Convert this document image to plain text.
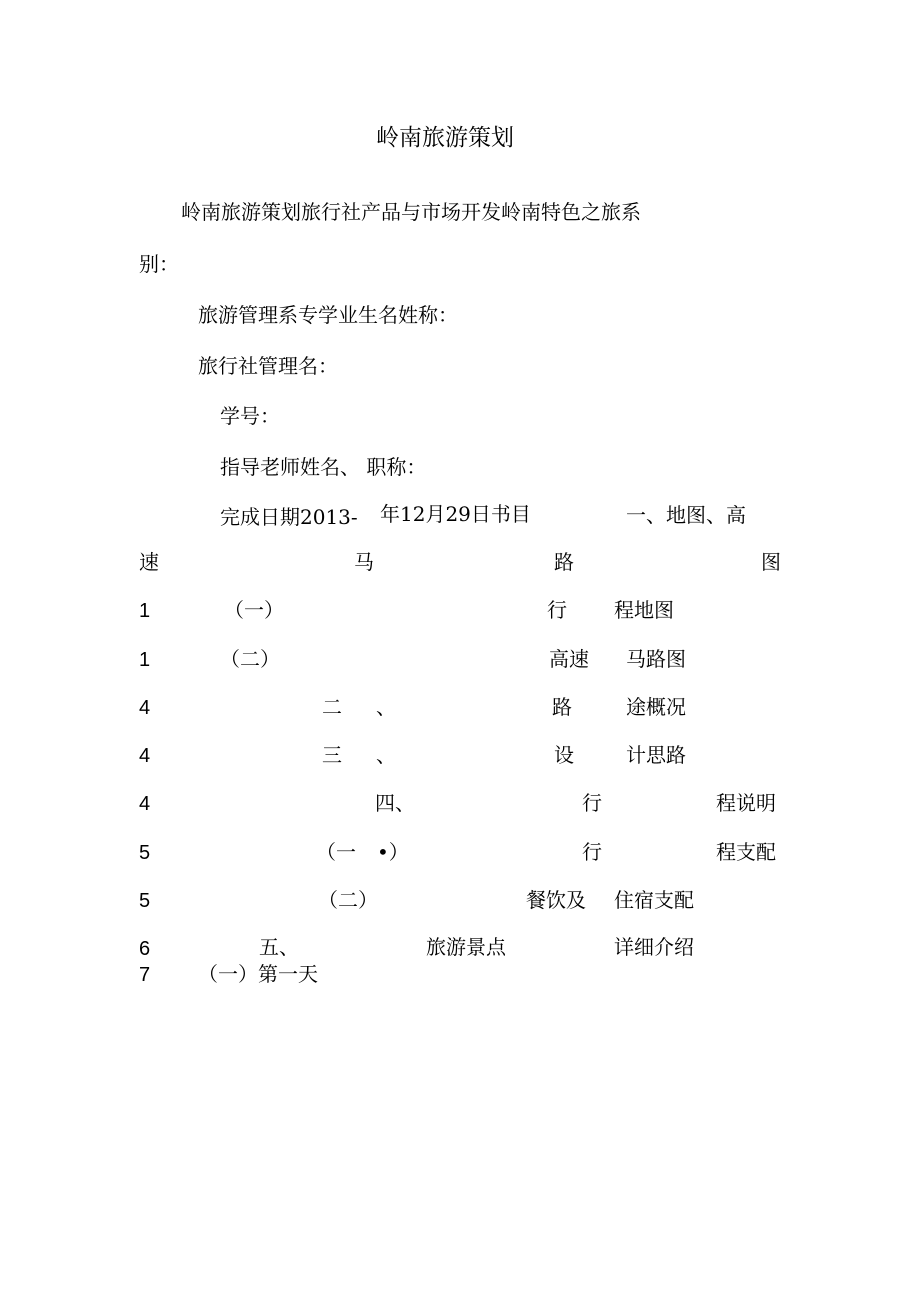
岭南旅游策划
岭南旅游策划旅行社产品与市场开发岭南特色之旅系
别：
旅游管理系专学业生名姓称：
旅行社管理名：
学号：
指导老师姓名、 职称：
完成日期2013- 年12月29日书目	一、地图、高
速	马	路	图
1	（一）	行 程地图
1	（二）	高速 马路图
4	二 、	路	途概况
4	三 、	设	计思路
4	四、	行	程说明
5	（一 •）	行	程支配
5	（二）	餐饮及 住宿支配
6	五、	旅游景点	详细介绍
7 （一）第一天
